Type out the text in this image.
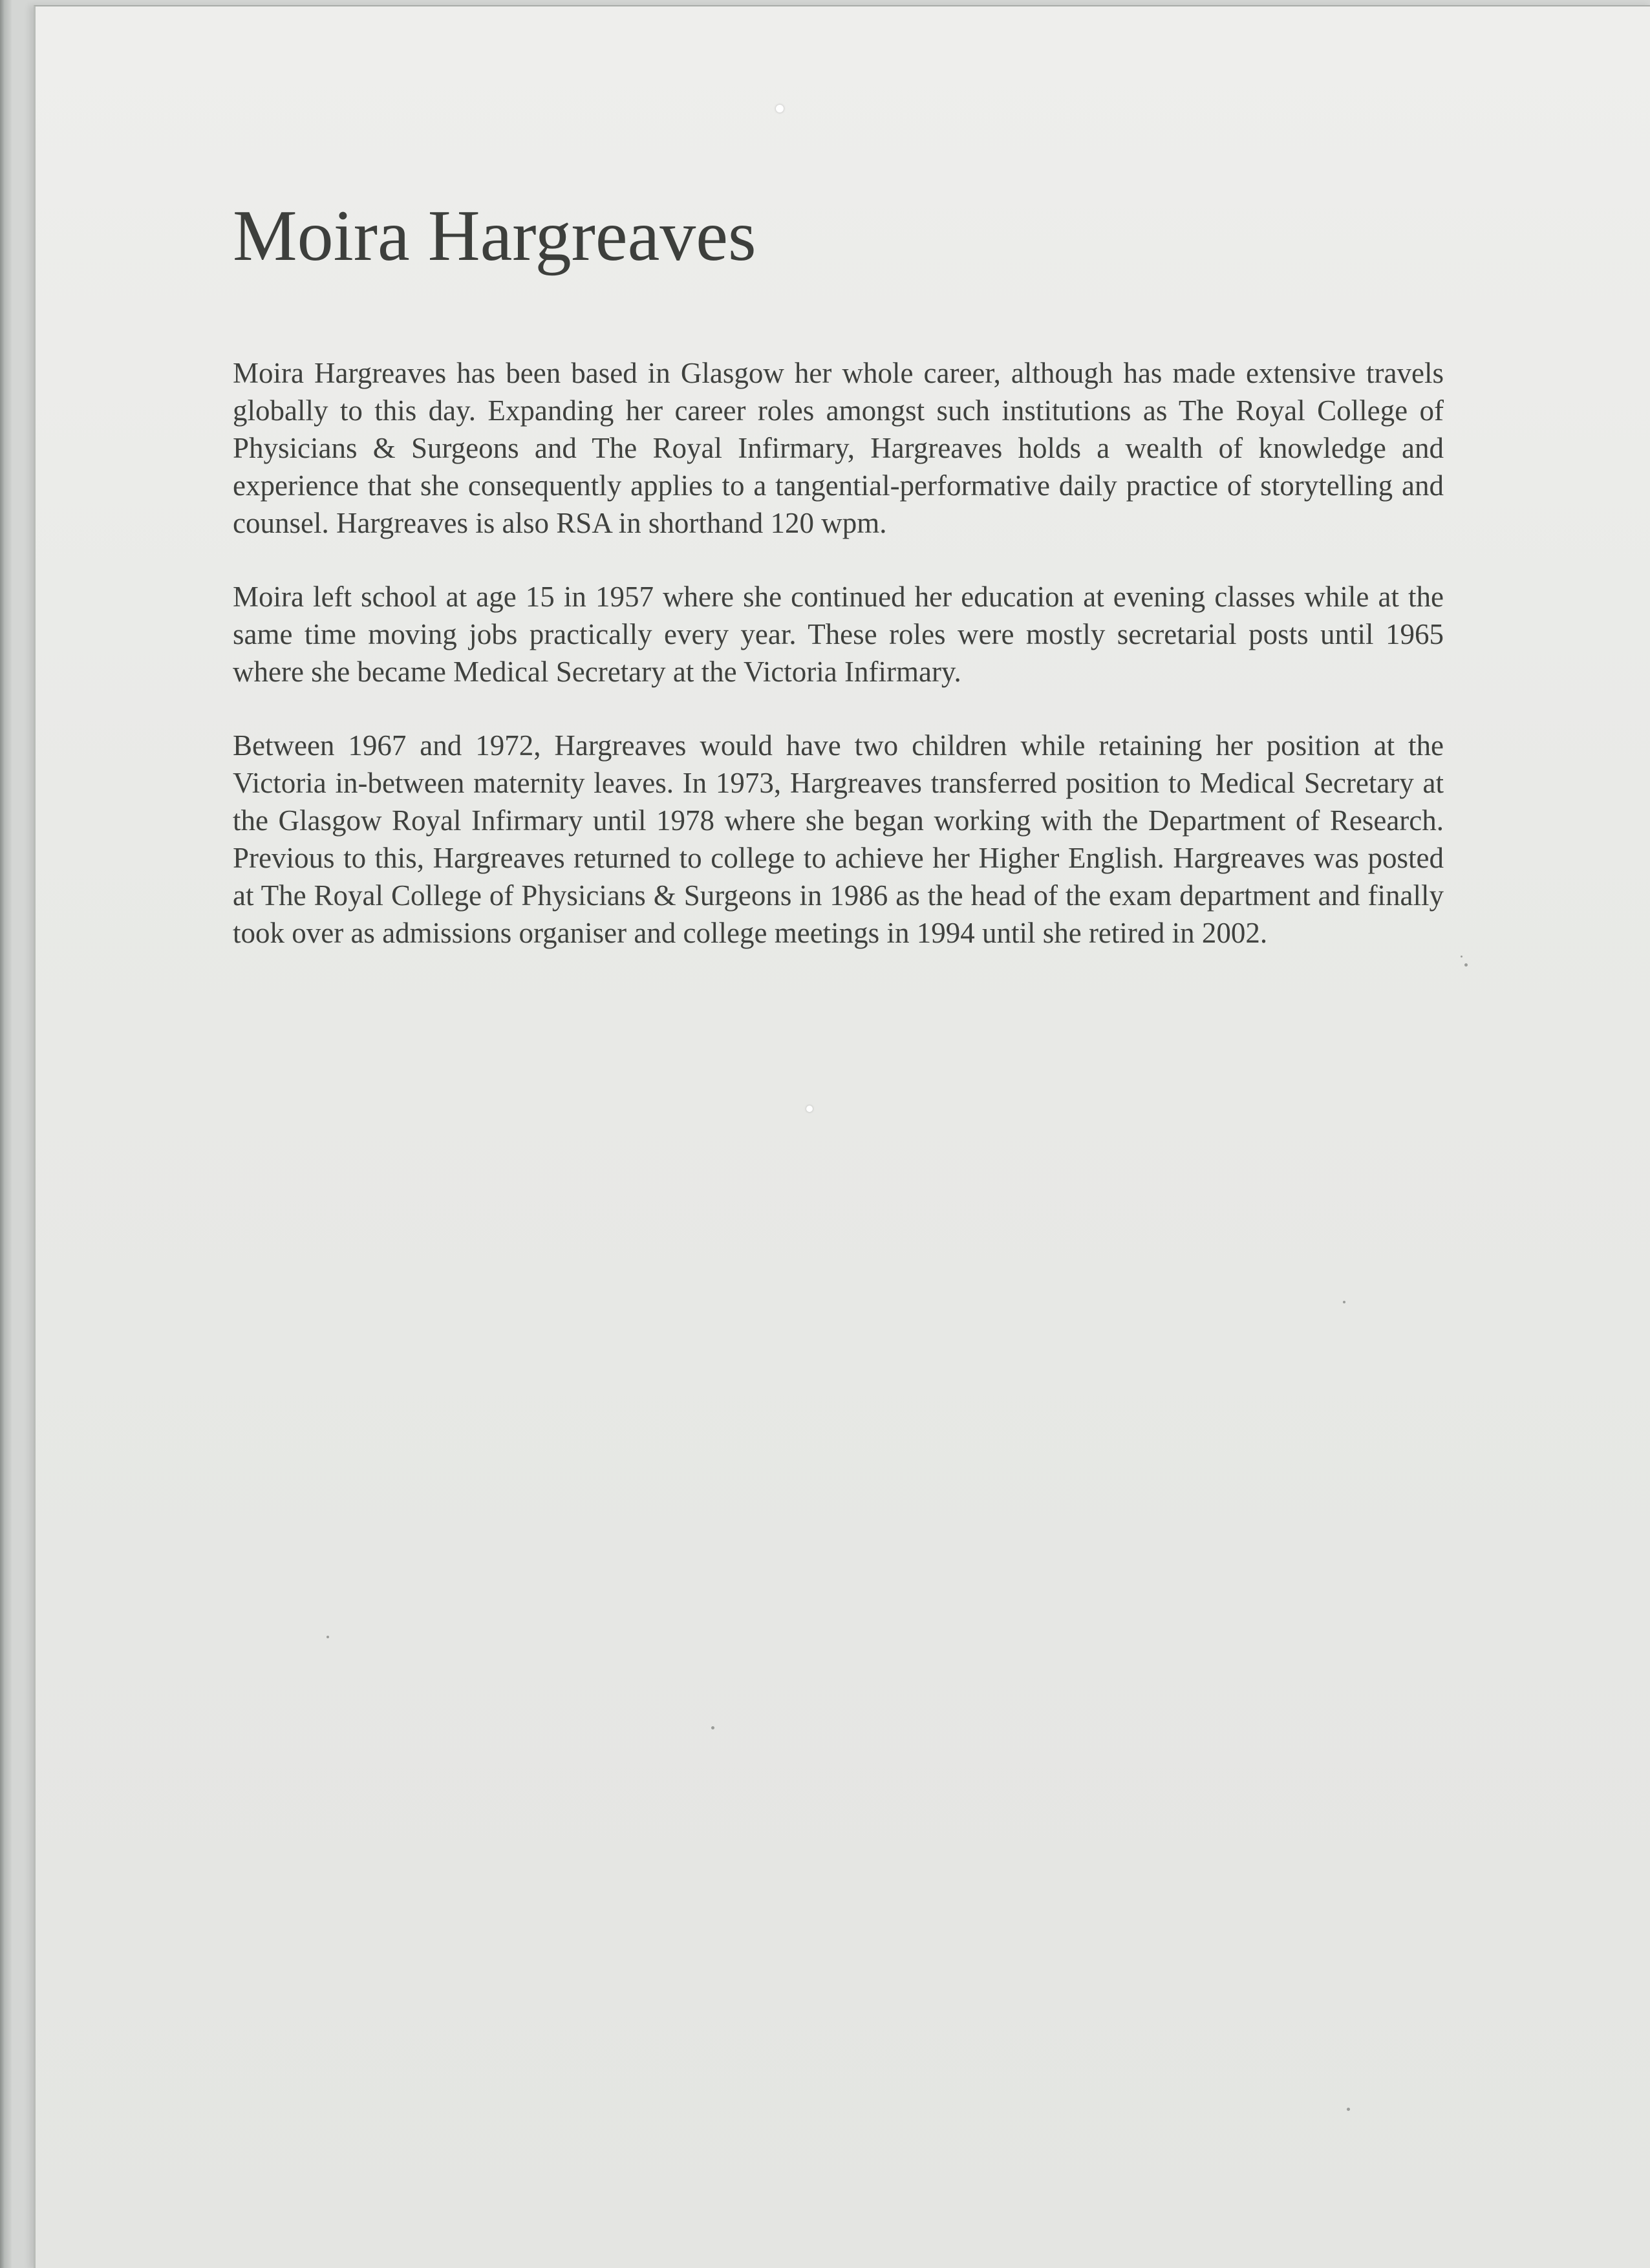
Moira Hargreaves

Moira Hargreaves has been based in Glasgow her whole career, although has made extensive travels globally to this day. Expanding her career roles amongst such institutions as The Royal College of Physicians & Surgeons and The Royal Infirmary, Hargreaves holds a wealth of knowledge and experience that she consequently applies to a tangential-performative daily practice of storytelling and counsel. Hargreaves is also RSA in shorthand 120 wpm.

Moira left school at age 15 in 1957 where she continued her education at evening classes while at the same time moving jobs practically every year. These roles were mostly secretarial posts until 1965 where she became Medical Secretary at the Victoria Infirmary.

Between 1967 and 1972, Hargreaves would have two children while retaining her position at the Victoria in-between maternity leaves. In 1973, Hargreaves transferred position to Medical Secretary at the Glasgow Royal Infirmary until 1978 where she began working with the Department of Research. Previous to this, Hargreaves returned to college to achieve her Higher English. Hargreaves was posted at The Royal College of Physicians & Surgeons in 1986 as the head of the exam department and finally took over as admissions organiser and college meetings in 1994 until she retired in 2002.
